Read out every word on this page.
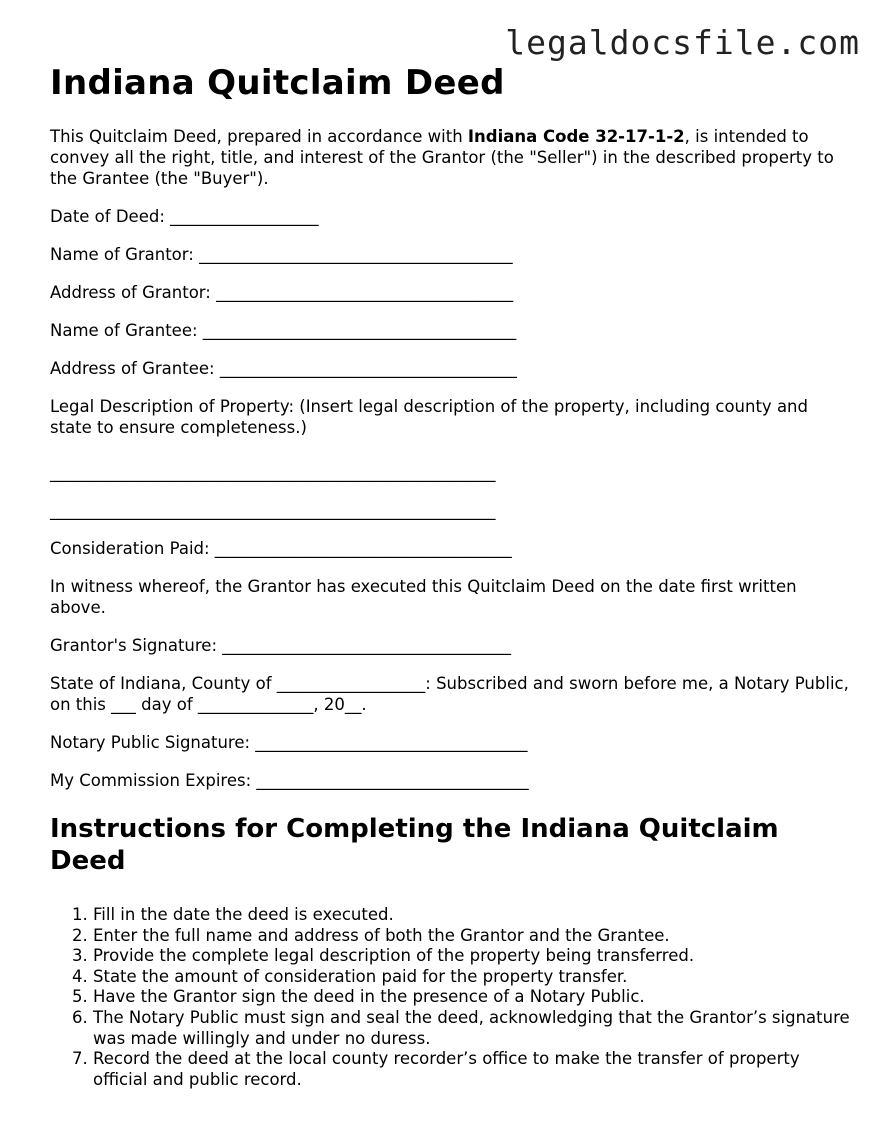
legaldocsfile.com
Indiana Quitclaim Deed

This Quitclaim Deed, prepared in accordance with Indiana Code 32-17-1-2, is intended to convey all the right, title, and interest of the Grantor (the "Seller") in the described property to the Grantee (the "Buyer").

Date of Deed: __________________

Name of Grantor: ______________________________________

Address of Grantor: ____________________________________

Name of Grantee: ______________________________________

Address of Grantee: ____________________________________

Legal Description of Property: (Insert legal description of the property, including county and state to ensure completeness.)

______________________________________________________

______________________________________________________

Consideration Paid: ____________________________________

In witness whereof, the Grantor has executed this Quitclaim Deed on the date first written above.

Grantor's Signature: ___________________________________

State of Indiana, County of __________________: Subscribed and sworn before me, a Notary Public, on this ___ day of ______________, 20__.

Notary Public Signature: _________________________________

My Commission Expires: _________________________________

Instructions for Completing the Indiana Quitclaim Deed
1. Fill in the date the deed is executed.
2. Enter the full name and address of both the Grantor and the Grantee.
3. Provide the complete legal description of the property being transferred.
4. State the amount of consideration paid for the property transfer.
5. Have the Grantor sign the deed in the presence of a Notary Public.
6. The Notary Public must sign and seal the deed, acknowledging that the Grantor’s signature was made willingly and under no duress.
7. Record the deed at the local county recorder’s office to make the transfer of property official and public record.
